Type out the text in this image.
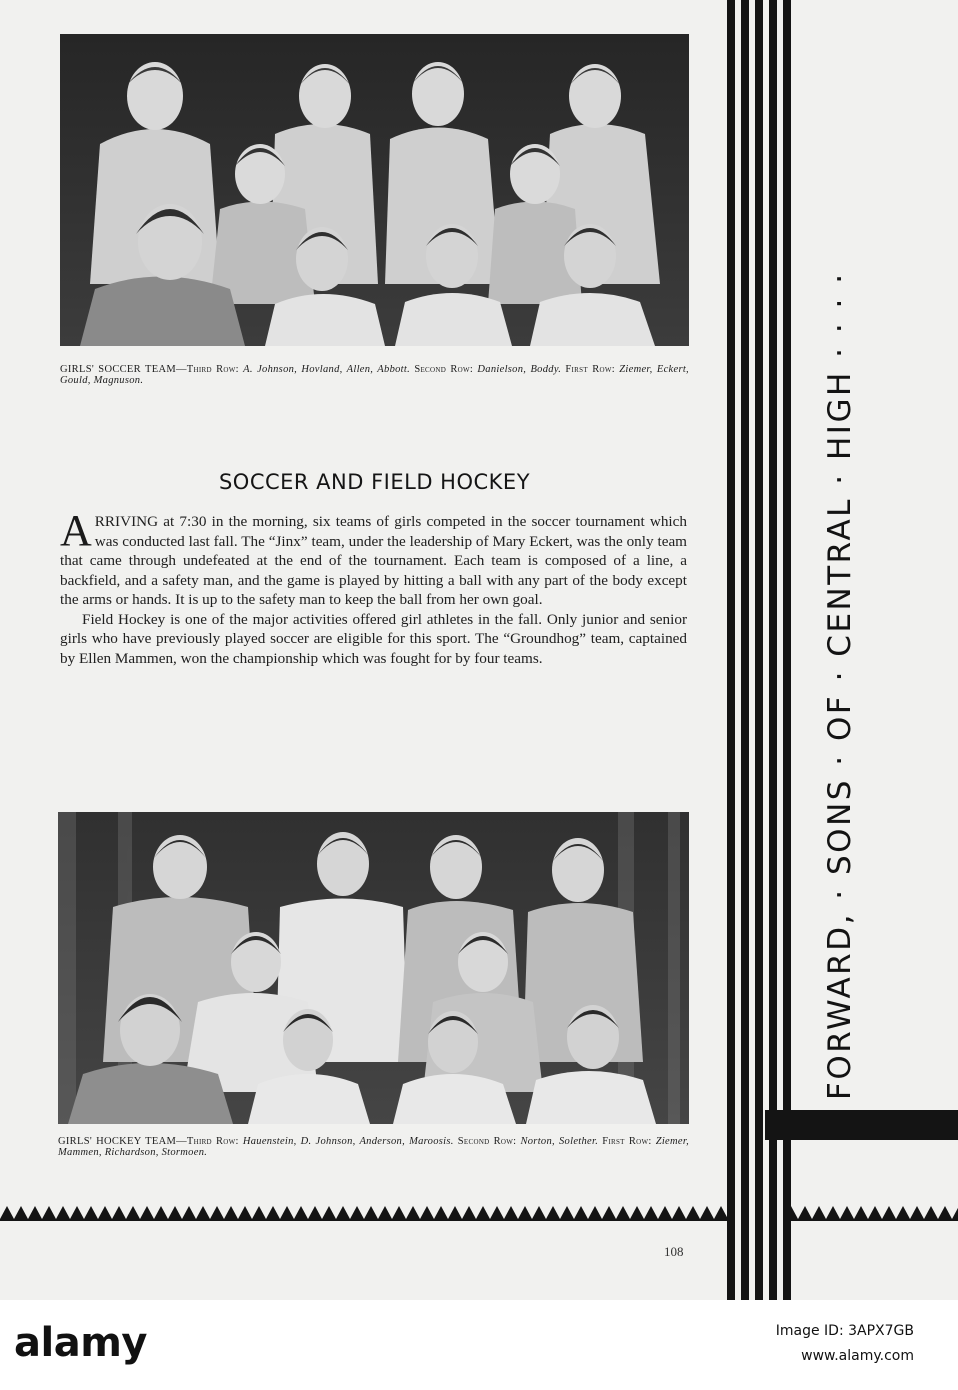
GIRLS' SOCCER TEAM—Third Row: A. Johnson, Hovland, Allen, Abbott. Second Row: Danielson, Boddy. First Row: Ziemer, Eckert, Gould, Magnuson.
SOCCER AND FIELD HOCKEY

ARRIVING at 7:30 in the morning, six teams of girls competed in the soccer tournament which was conducted last fall. The “Jinx” team, under the leadership of Mary Eckert, was the only team that came through undefeated at the end of the tournament. Each team is composed of a line, a backfield, and a safety man, and the game is played by hitting a ball with any part of the body except the arms or hands. It is up to the safety man to keep the ball from her own goal.

Field Hockey is one of the major activities offered girl athletes in the fall. Only junior and senior girls who have previously played soccer are eligible for this sport. The “Groundhog” team, captained by Ellen Mammen, won the championship which was fought for by four teams.

GIRLS' HOCKEY TEAM—Third Row: Hauenstein, D. Johnson, Anderson, Maroosis. Second Row: Norton, Solether. First Row: Ziemer, Mammen, Richardson, Stormoen.
FORWARD, · SONS · OF · CENTRAL · HIGH · · · ·
108
alamy	Image ID: 3APX7GB
www.alamy.com
